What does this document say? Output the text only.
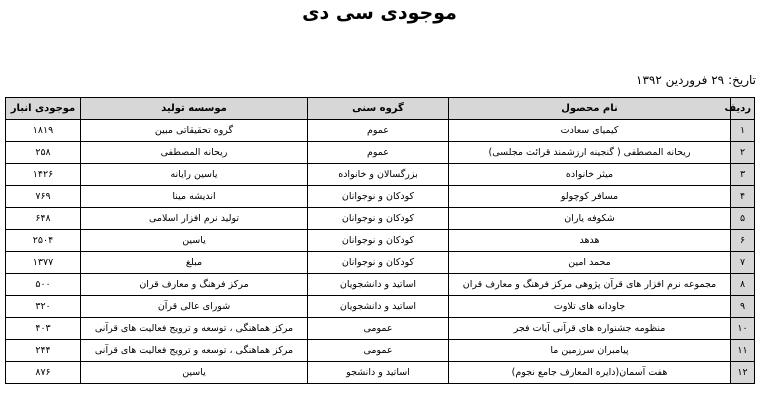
موجودی سی دی
تاریخ:۲۹ فروردین ۱۳۹۲
ردیف	نام محصول	گروه سنی	موسسه تولید	موجودی انبار
۱	کیمیای سعادت	عموم	گروه تحقیقاتی مبین	۱۸۱۹
۲	ریحانه المصطفی ( گنجینه ارزشمند قرائت مجلسی)	عموم	ریحانه المصطفی	۲۵۸
۳	میثر خانواده	بزرگسالان و خانواده	یاسین رایانه	۱۴۲۶
۴	مسافر کوچولو	کودکان و نوجوانان	اندیشه مینا	۷۶۹
۵	شکوفه یاران	کودکان و نوجوانان	تولید نرم افزار اسلامی	۶۴۸
۶	هدهد	کودکان و نوجوانان	یاسین	۲۵۰۴
۷	محمد امین	کودکان و نوجوانان	مبلغ	۱۳۷۷
۸	مجموعه نرم افزار های قرآن پژوهی مرکز فرهنگ و معارف قران	اساتید و دانشجویان	مرکز فرهنگ و معارف قران	۵۰۰
۹	جاودانه های تلاوت	اساتید و دانشجویان	شورای عالی قرآن	۳۲۰
۱۰	منظومه جشنواره های قرآنی آیات فجر	عمومی	مرکز هماهنگی ، توسعه و ترویج فعالیت های قرآنی	۴۰۳
۱۱	پیامبران سرزمین ما	عمومی	مرکز هماهنگی ، توسعه و ترویج فعالیت های قرآنی	۲۴۴
۱۲	هفت آسمان(دایره المعارف جامع نجوم)	اساتید و دانشجو	یاسین	۸۷۶
